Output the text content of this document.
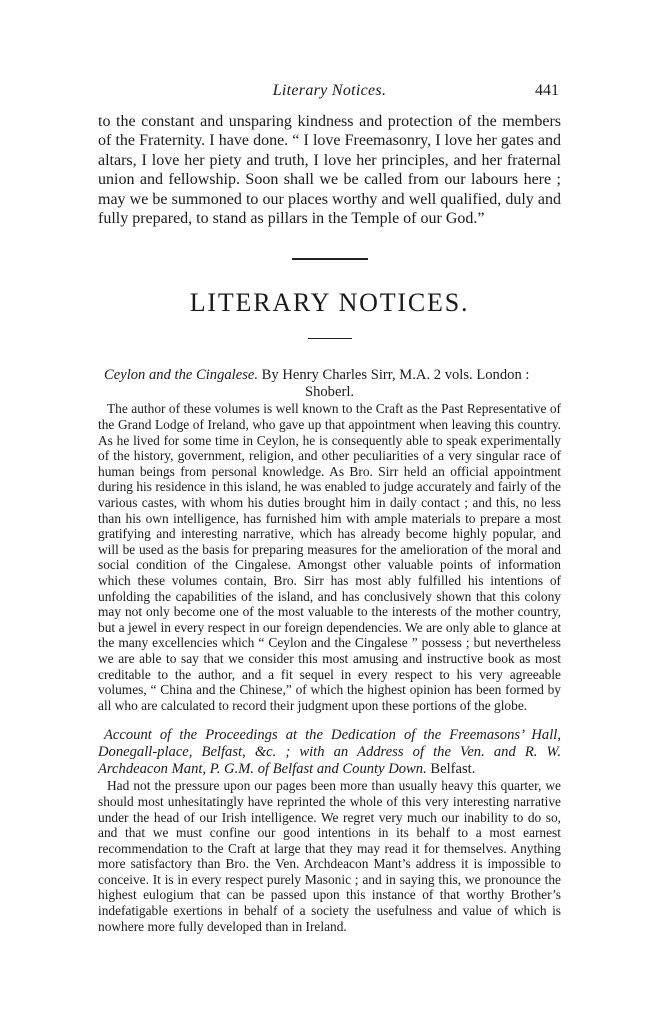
Literary Notices.	441

to the constant and unsparing kindness and protection of the members of the Fraternity. I have done. “ I love Freemasonry, I love her gates and altars, I love her piety and truth, I love her principles, and her fraternal union and fellowship. Soon shall we be called from our labours here ; may we be summoned to our places worthy and well qualified, duly and fully prepared, to stand as pillars in the Temple of our God.”

LITERARY NOTICES.

Ceylon and the Cingalese. By Henry Charles Sirr, M.A. 2 vols. London :

Shoberl.

The author of these volumes is well known to the Craft as the Past Representative of the Grand Lodge of Ireland, who gave up that appointment when leaving this country. As he lived for some time in Ceylon, he is consequently able to speak experimentally of the history, government, religion, and other peculiarities of a very singular race of human beings from personal knowledge. As Bro. Sirr held an official appointment during his residence in this island, he was enabled to judge accurately and fairly of the various castes, with whom his duties brought him in daily contact ; and this, no less than his own intelligence, has furnished him with ample materials to prepare a most gratifying and interesting narrative, which has already become highly popular, and will be used as the basis for preparing measures for the amelioration of the moral and social condition of the Cingalese. Amongst other valuable points of information which these volumes contain, Bro. Sirr has most ably fulfilled his intentions of unfolding the capabilities of the island, and has conclusively shown that this colony may not only become one of the most valuable to the interests of the mother country, but a jewel in every respect in our foreign dependencies. We are only able to glance at the many excellencies which “ Ceylon and the Cingalese ” possess ; but nevertheless we are able to say that we consider this most amusing and instructive book as most creditable to the author, and a fit sequel in every respect to his very agreeable volumes, “ China and the Chinese,” of which the highest opinion has been formed by all who are calculated to record their judgment upon these portions of the globe.

Account of the Proceedings at the Dedication of the Freemasons’ Hall, Donegall-place, Belfast, &c. ; with an Address of the Ven. and R. W. Archdeacon Mant, P. G.M. of Belfast and County Down. Belfast.

Had not the pressure upon our pages been more than usually heavy this quarter, we should most unhesitatingly have reprinted the whole of this very interesting narrative under the head of our Irish intelligence. We regret very much our inability to do so, and that we must confine our good intentions in its behalf to a most earnest recommendation to the Craft at large that they may read it for themselves. Anything more satisfactory than Bro. the Ven. Archdeacon Mant’s address it is impossible to conceive. It is in every respect purely Masonic ; and in saying this, we pronounce the highest eulogium that can be passed upon this instance of that worthy Brother’s indefatigable exertions in behalf of a society the usefulness and value of which is nowhere more fully developed than in Ireland.
